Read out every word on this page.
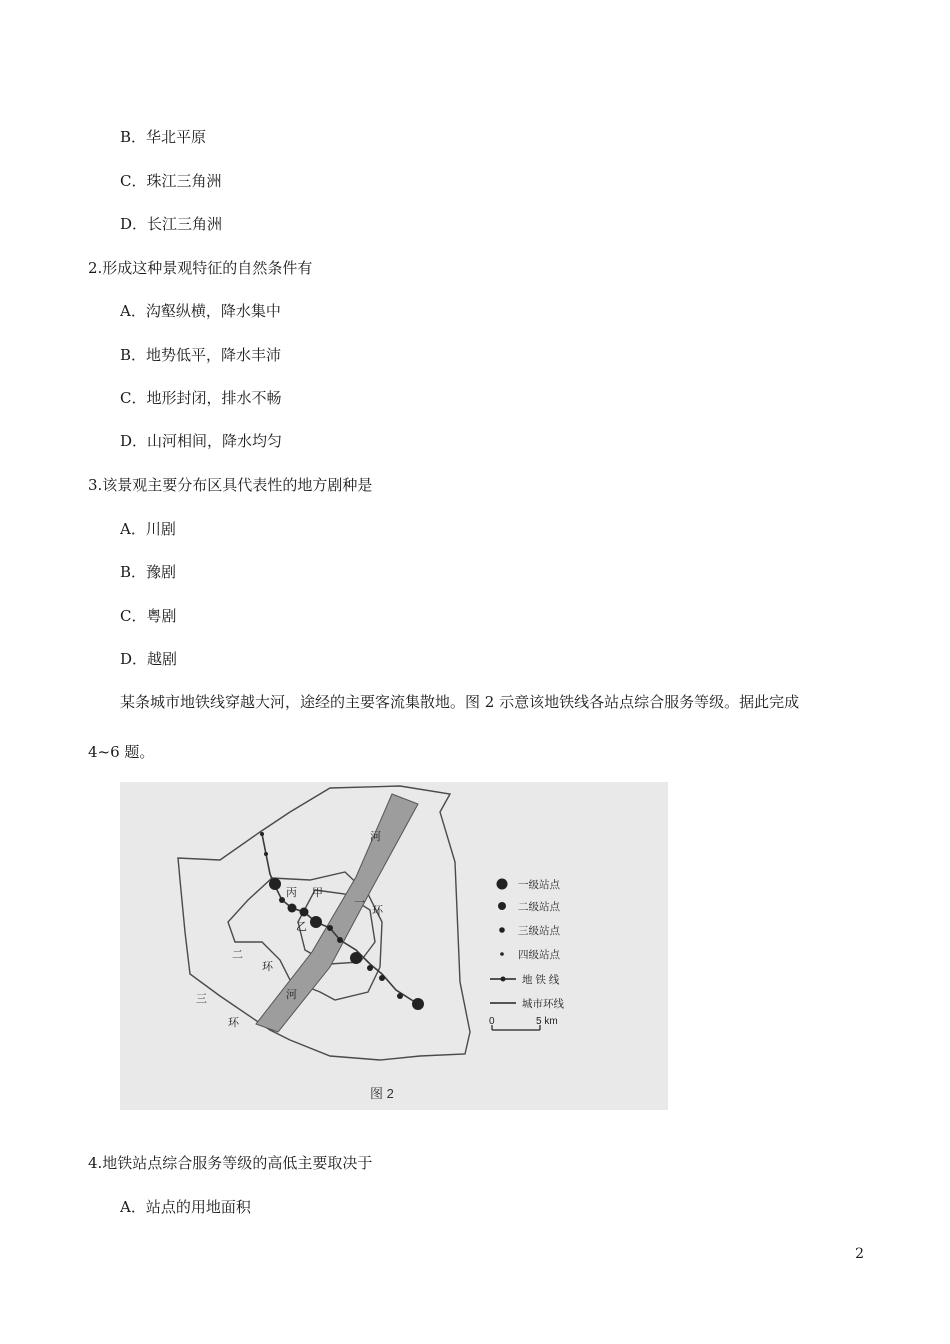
B．华北平原
C．珠江三角洲
D．长江三角洲
2.形成这种景观特征的自然条件有
A．沟壑纵横，降水集中
B．地势低平，降水丰沛
C．地形封闭，排水不畅
D．山河相间，降水均匀
3.该景观主要分布区具代表性的地方剧种是
A．川剧
B．豫剧
C．粤剧
D．越剧
某条城市地铁线穿越大河，途经的主要客流集散地。图 2 示意该地铁线各站点综合服务等级。据此完成
4~6 题。
河
丙 甲
乙
一
环
二
环
河
三
环
一级站点
二级站点
三级站点
四级站点
地 铁 线
城市环线
0	5 km
图 2
4.地铁站点综合服务等级的高低主要取决于
A．站点的用地面积
2
